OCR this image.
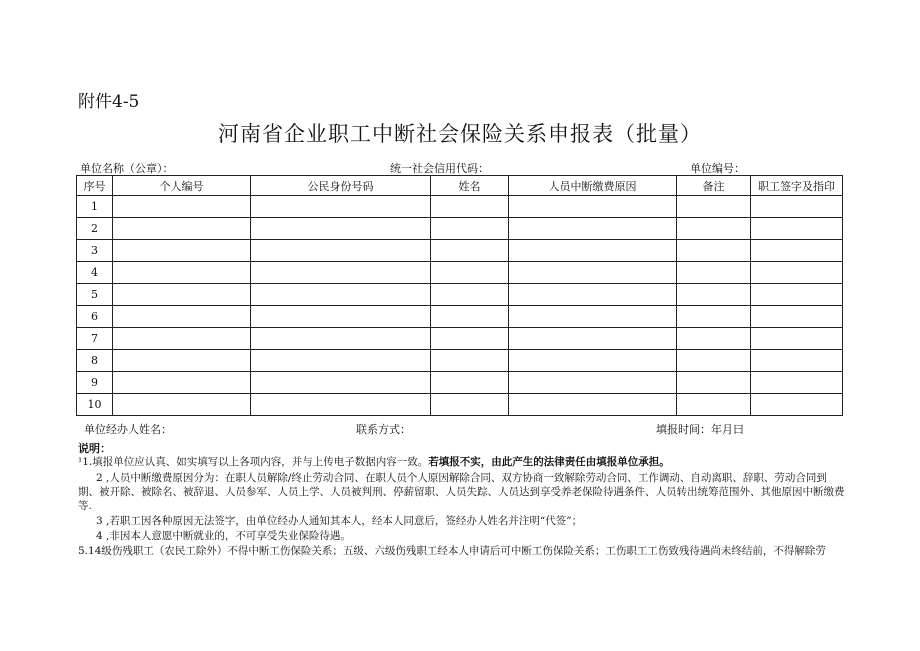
附件4-5
河南省企业职工中断社会保险关系申报表（批量）
单位名称（公章）：	统一社会信用代码：	单位编号：
序号	个人编号	公民身份号码	姓名	人员中断缴费原因	备注	职工签字及指印
1						
2						
3						
4						
5						
6						
7						
8						
9						
10						
单位经办人姓名：	联系方式：	填报时间：年月曰
说明：
¹1.填报单位应认真、如实填写以上各项内容，并与上传电子数据内容一致。若填报不实，由此产生的法律责任由填报单位承担。
2 ,人员中断缴费原因分为：在职人员解除/终止劳动合同、在职人员个人原因解除合同、双方协商一致解除劳动合同、工作调动、自动离职、辞职、劳动合同到
期、被开除、被除名、被辞退、人员参军、人员上学、人员被判刑、停薪留职、人员失踪、人员达到享受养老保险待遇条件、人员转出统筹范围外、其他原因中断缴费
等.
3 ,若职工因各种原因无法签字，由单位经办人通知其本人，经本人同意后，签经办人姓名并注明“代签”；
4 ,非因本人意愿中断就业的，不可享受失业保险待遇。
5.14级伤残职工（农民工除外）不得中断工伤保险关系；五级、六级伤残职工经本人申请后可中断工伤保险关系；工伤职工工伤致残待遇尚未终结前，不得解除劳
